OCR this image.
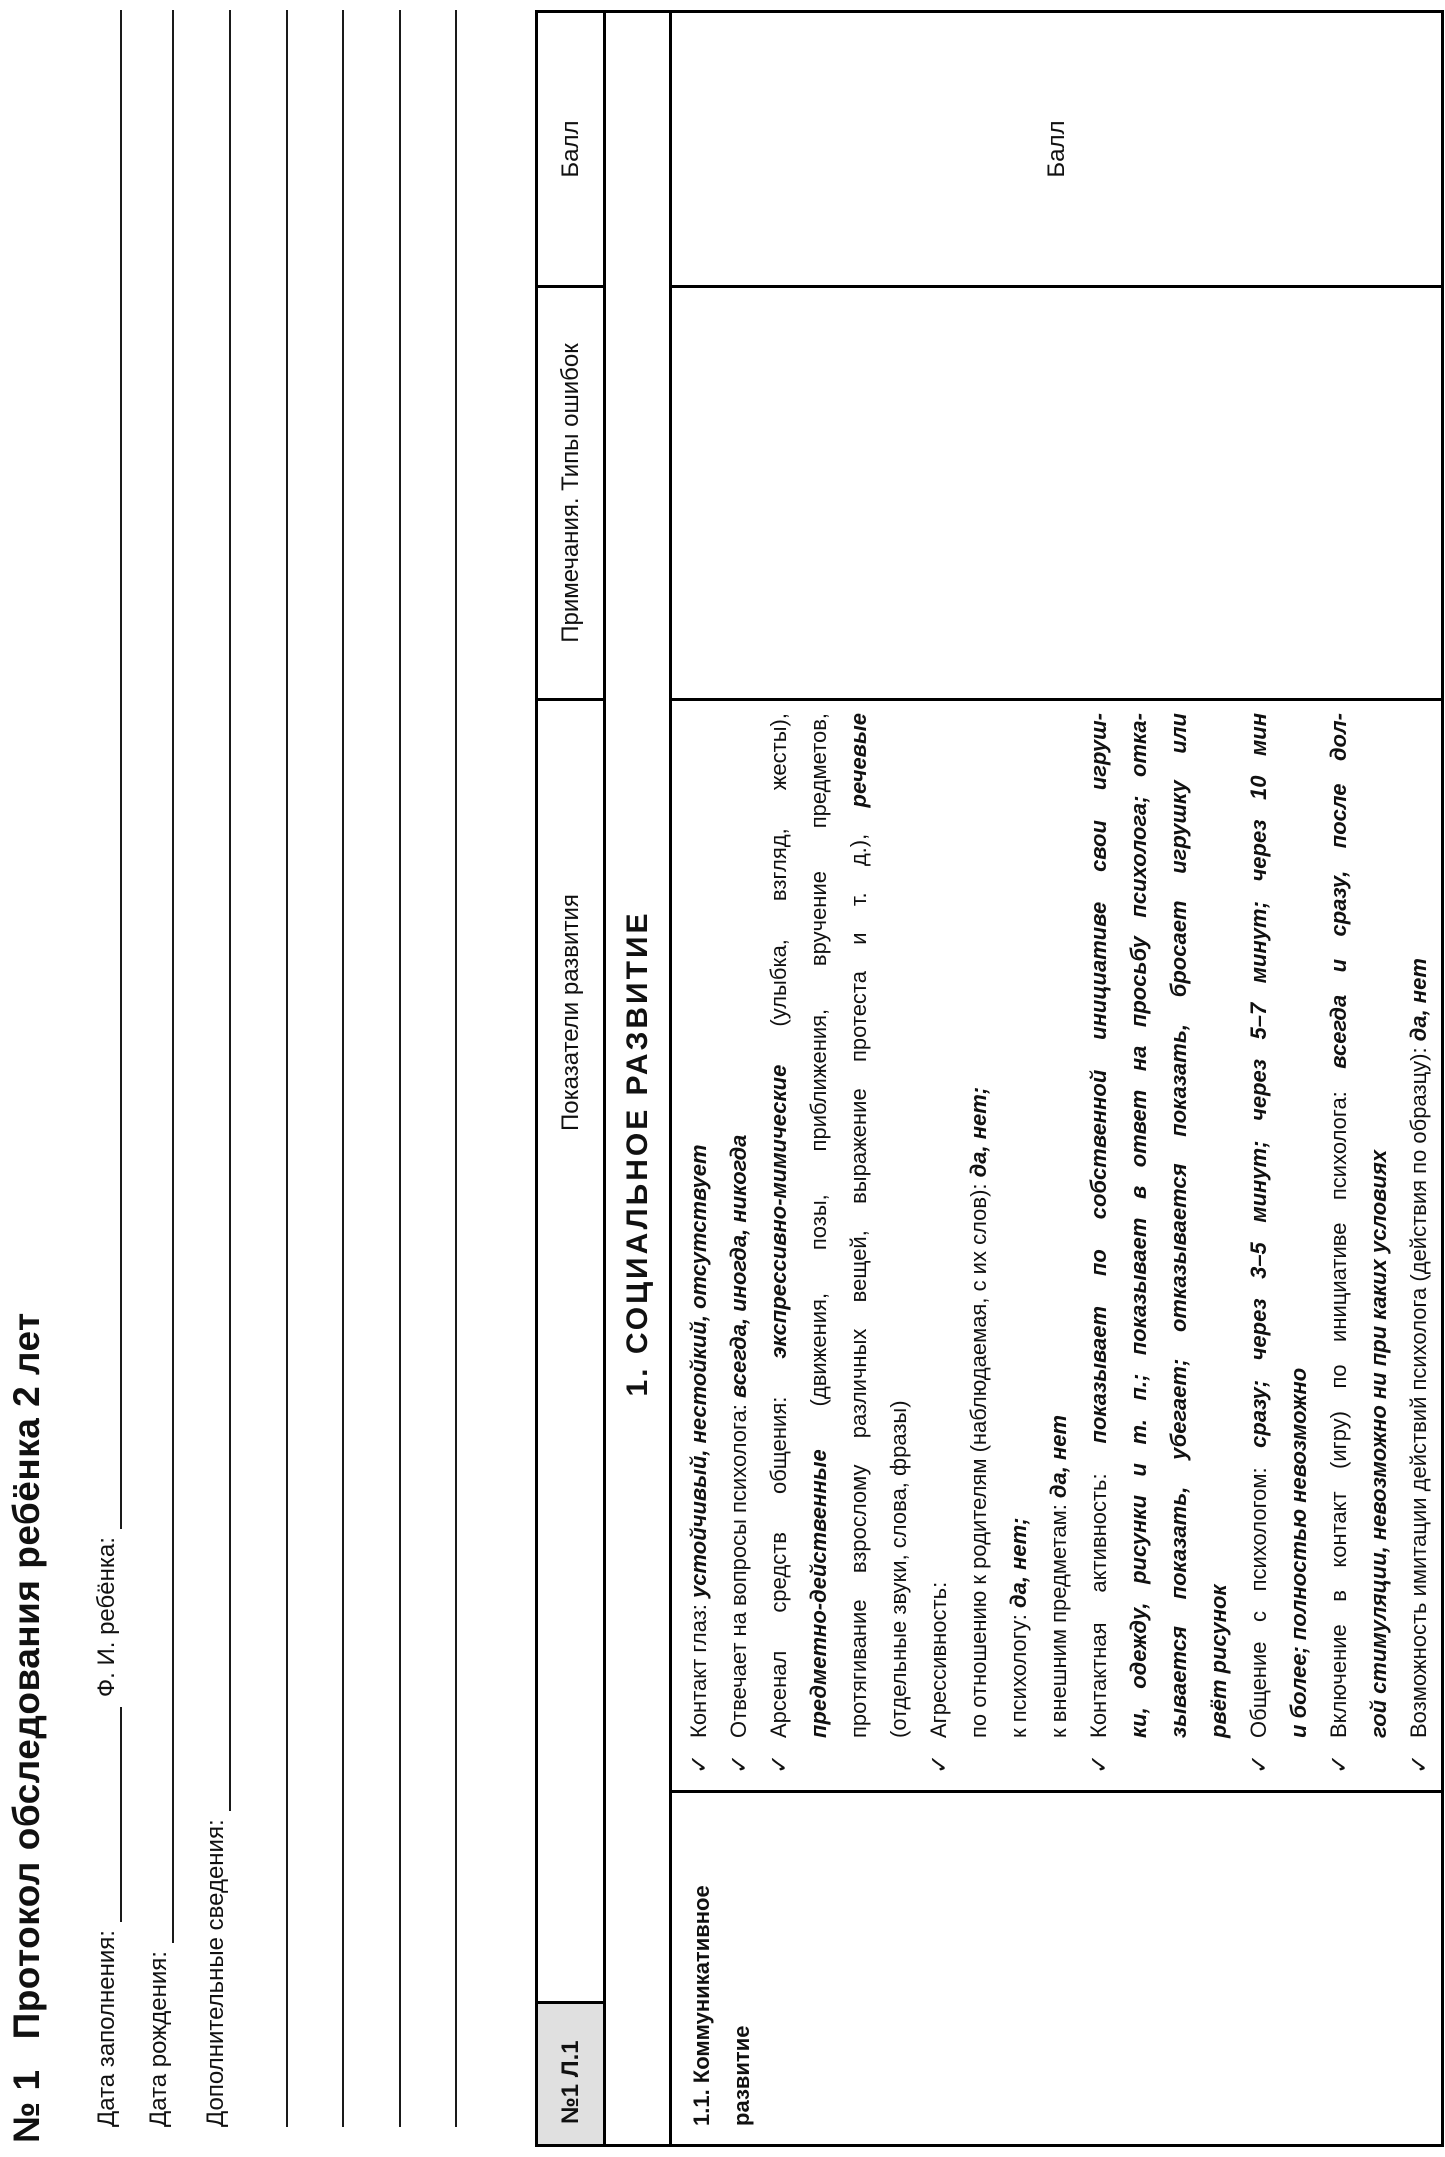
№ 1Протокол обследования ребёнка 2 лет Дата заполнения:
Ф. И. ребёнка:
Дата рождения: Дополнительные сведения:	№1 Л.1
Показатели развития
Примечания. Типы ошибок
Балл
1. СОЦИАЛЬНОЕ РАЗВИТИЕ
1.1. Коммуникативное развитие
✓
Контакт глаз: устойчивый, нестойкий, отсутствует
✓
Отвечает на вопросы психолога: всегда, иногда, никогда
✓
Арсенал средств общения: экспрессивно-мимические (улыбка, взгляд, жесты),
предметно-действенные (движения, позы, приближения, вручение предметов, протягивание взрослому различных вещей, выражение протеста и т. д.), речевые
(отдельные звуки, слова, фразы)
✓
Агрессивность: по отношению к родителям (наблюдаемая, с их слов): да, нет;
к психологу: да, нет; к внешним предметам: да, нет
✓
Контактная активность: показывает по собственной инициативе свои игруш- ки, одежду, рисунки и т. п.; показывает в ответ на просьбу психолога; отка- зывается показать, убегает; отказывается показать, бросает игрушку или рвёт рисунок
✓
Общение с психологом: сразу; через 3–5 минут; через 5–7 минут; через 10 мин
и более; полностью невозможно
✓
Включение в контакт (игру) по инициативе психолога: всегда и сразу, после дол-
гой стимуляции, невозможно ни при каких условиях
✓
Возможность имитации действий психолога (действия по образцу): да, нет
Балл
